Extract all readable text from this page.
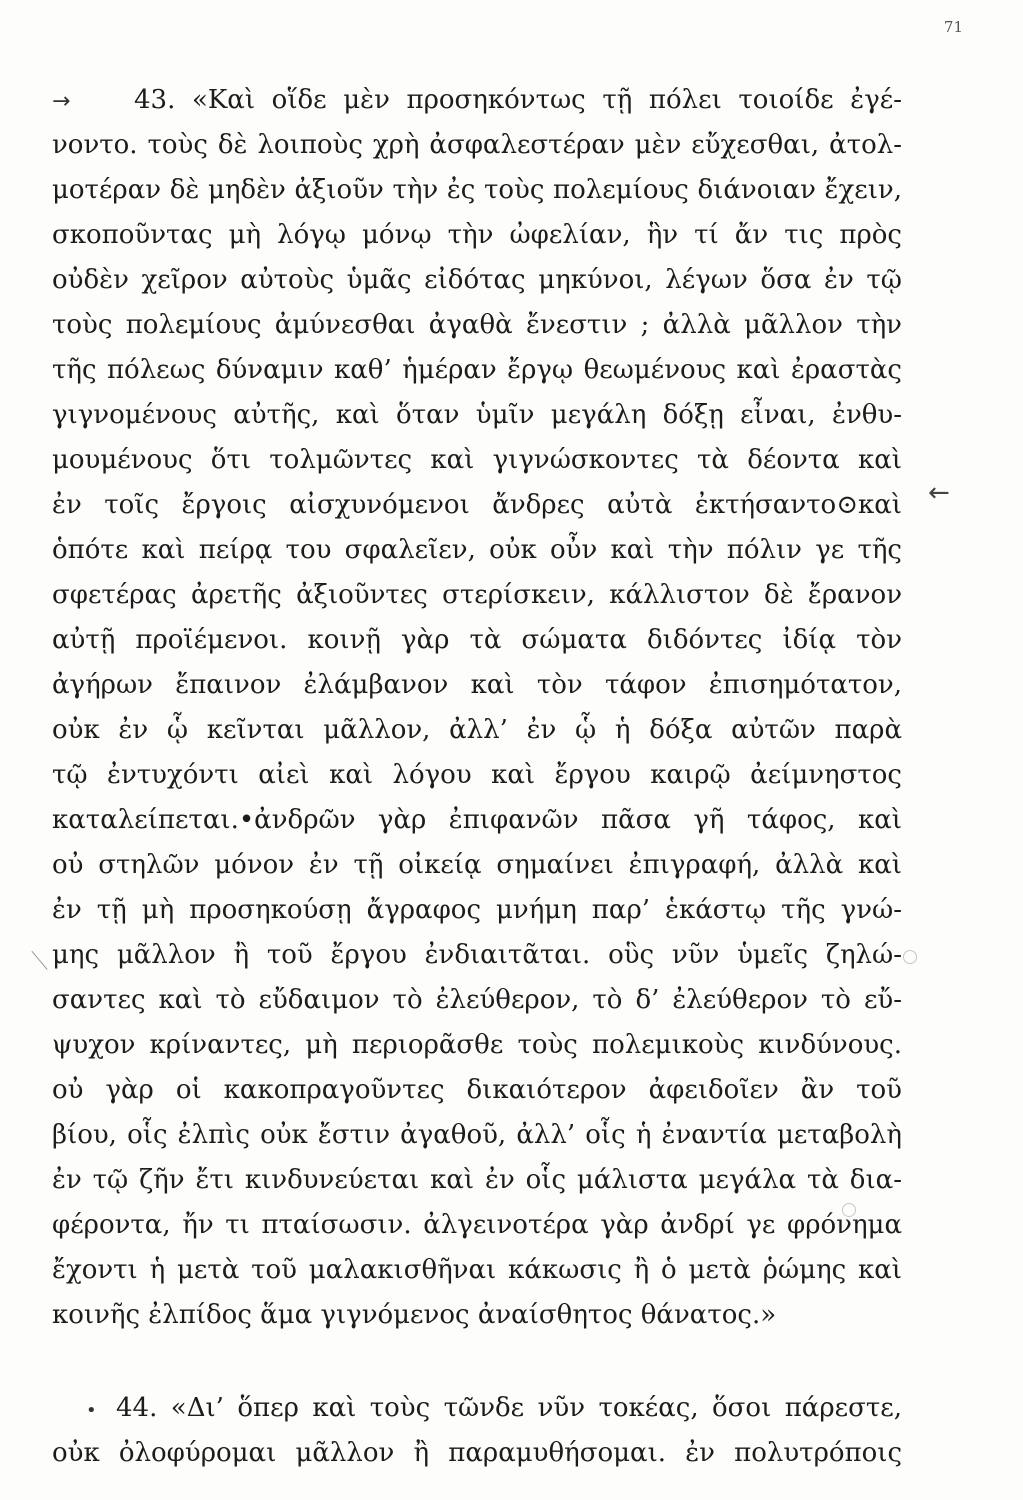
71
→ 43. «Καὶ οἵδε μὲν προσηκόντως τῇ πόλει τοιοίδε ἐγέ-
νοντο. τοὺς δὲ λοιποὺς χρὴ ἀσφαλεστέραν μὲν εὔχεσθαι, ἀτολ-
μοτέραν δὲ μηδὲν ἀξιοῦν τὴν ἐς τοὺς πολεμίους διάνοιαν ἔχειν,
σκοποῦντας μὴ λόγῳ μόνῳ τὴν ὠφελίαν, ἣν τί ἄν τις πρὸς
οὐδὲν χεῖρον αὐτοὺς ὑμᾶς εἰδότας μηκύνοι, λέγων ὅσα ἐν τῷ
τοὺς πολεμίους ἀμύνεσθαι ἀγαθὰ ἔνεστιν ; ἀλλὰ μᾶλλον τὴν
τῆς πόλεως δύναμιν καθ’ ἡμέραν ἔργῳ θεωμένους καὶ ἐραστὰς
γιγνομένους αὐτῆς, καὶ ὅταν ὑμῖν μεγάλη δόξῃ εἶναι, ἐνθυ-
μουμένους ὅτι τολμῶντες καὶ γιγνώσκοντες τὰ δέοντα καὶ
ἐν τοῖς ἔργοις αἰσχυνόμενοι ἄνδρες αὐτὰ ἐκτήσαντο⊙καὶ
ὁπότε καὶ πείρᾳ του σφαλεῖεν, οὐκ οὖν καὶ τὴν πόλιν γε τῆς
σφετέρας ἀρετῆς ἀξιοῦντες στερίσκειν, κάλλιστον δὲ ἔρανον
αὐτῇ προϊέμενοι. κοινῇ γὰρ τὰ σώματα διδόντες ἰδίᾳ τὸν
ἀγήρων ἔπαινον ἐλάμβανον καὶ τὸν τάφον ἐπισημότατον,
οὐκ ἐν ᾧ κεῖνται μᾶλλον, ἀλλ’ ἐν ᾧ ἡ δόξα αὐτῶν παρὰ
τῷ ἐντυχόντι αἰεὶ καὶ λόγου καὶ ἔργου καιρῷ ἀείμνηστος
καταλείπεται.•ἀνδρῶν γὰρ ἐπιφανῶν πᾶσα γῆ τάφος, καὶ
οὐ στηλῶν μόνον ἐν τῇ οἰκείᾳ σημαίνει ἐπιγραφή, ἀλλὰ καὶ
ἐν τῇ μὴ προσηκούσῃ ἄγραφος μνήμη παρ’ ἑκάστῳ τῆς γνώ-
μης μᾶλλον ἢ τοῦ ἔργου ἐνδιαιτᾶται. οὓς νῦν ὑμεῖς ζηλώ-
σαντες καὶ τὸ εὔδαιμον τὸ ἐλεύθερον, τὸ δ’ ἐλεύθερον τὸ εὔ-
ψυχον κρίναντες, μὴ περιορᾶσθε τοὺς πολεμικοὺς κινδύνους.
οὐ γὰρ οἱ κακοπραγοῦντες δικαιότερον ἀφειδοῖεν ἂν τοῦ
βίου, οἷς ἐλπὶς οὐκ ἔστιν ἀγαθοῦ, ἀλλ’ οἷς ἡ ἐναντία μεταβολὴ
ἐν τῷ ζῆν ἔτι κινδυνεύεται καὶ ἐν οἷς μάλιστα μεγάλα τὰ δια-
φέροντα, ἤν τι πταίσωσιν. ἀλγεινοτέρα γὰρ ἀνδρί γε φρόνημα
ἔχοντι ἡ μετὰ τοῦ μαλακισθῆναι κάκωσις ἢ ὁ μετὰ ῥώμης καὶ
κοινῆς ἐλπίδος ἅμα γιγνόμενος ἀναίσθητος θάνατος.»
• 44. «Δι’ ὅπερ καὶ τοὺς τῶνδε νῦν τοκέας, ὅσοι πάρεστε,
οὐκ ὀλοφύρομαι μᾶλλον ἢ παραμυθήσομαι. ἐν πολυτρόποις
←
